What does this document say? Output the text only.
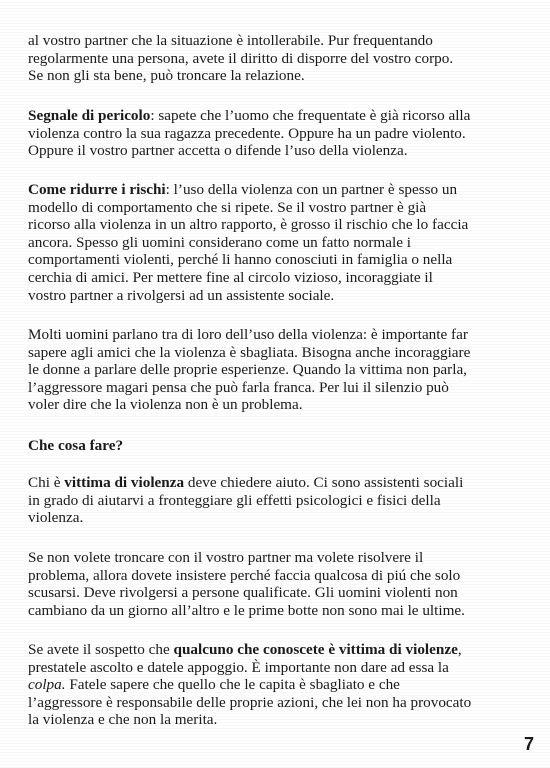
al vostro partner che la situazione è intollerabile. Pur frequentando
regolarmente una persona, avete il diritto di disporre del vostro corpo.
Se non gli sta bene, può troncare la relazione.

Segnale di pericolo: sapete che l’uomo che frequentate è già ricorso alla
violenza contro la sua ragazza precedente. Oppure ha un padre violento.
Oppure il vostro partner accetta o difende l’uso della violenza.

Come ridurre i rischi: l’uso della violenza con un partner è spesso un
modello di comportamento che si ripete. Se il vostro partner è già
ricorso alla violenza in un altro rapporto, è grosso il rischio che lo faccia
ancora. Spesso gli uomini considerano come un fatto normale i
comportamenti violenti, perché li hanno conosciuti in famiglia o nella
cerchia di amici. Per mettere fine al circolo vizioso, incoraggiate il
vostro partner a rivolgersi ad un assistente sociale.

Molti uomini parlano tra di loro dell’uso della violenza: è importante far
sapere agli amici che la violenza è sbagliata. Bisogna anche incoraggiare
le donne a parlare delle proprie esperienze. Quando la vittima non parla,
l’aggressore magari pensa che può farla franca. Per lui il silenzio può
voler dire che la violenza non è un problema.

Che cosa fare?

Chi è vittima di violenza deve chiedere aiuto. Ci sono assistenti sociali
in grado di aiutarvi a fronteggiare gli effetti psicologici e fisici della
violenza.

Se non volete troncare con il vostro partner ma volete risolvere il
problema, allora dovete insistere perché faccia qualcosa di piú che solo
scusarsi. Deve rivolgersi a persone qualificate. Gli uomini violenti non
cambiano da un giorno all’altro e le prime botte non sono mai le ultime.

Se avete il sospetto che qualcuno che conoscete è vittima di violenze,
prestatele ascolto e datele appoggio. È importante non dare ad essa la
colpa. Fatele sapere che quello che le capita è sbagliato e che
l’aggressore è responsabile delle proprie azioni, che lei non ha provocato
la violenza e che non la merita.

7
